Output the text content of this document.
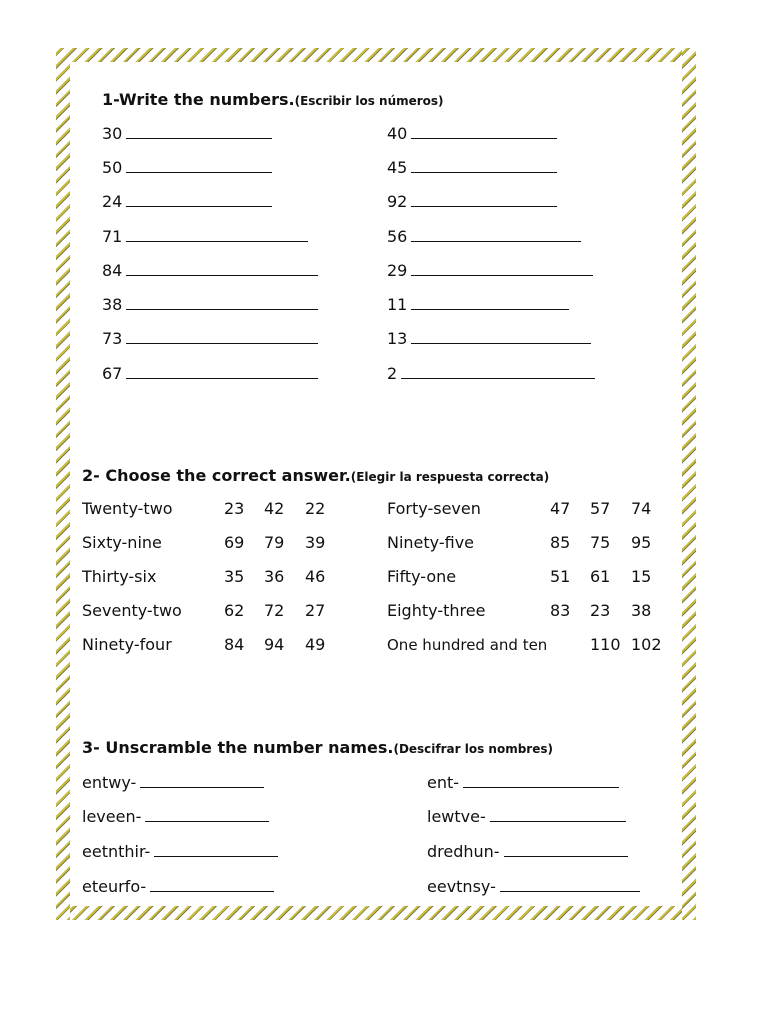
1-Write the numbers.(Escribir los números)
30
50
24
71
84
38
73
67
40
45
92
56
29
11
13
2
2- Choose the correct answer.(Elegir la respuesta correcta)
Twenty-two	23 42 22
Sixty-nine	69 79 39
Thirty-six	35 36 46
Seventy-two	62 72 27
Ninety-four	84 94 49
Forty-seven	47 57 74
Ninety-five	85 75 95
Fifty-one	51 61 15
Eighty-three	83 23 38
One hundred and ten	110 102
3- Unscramble the number names.(Descifrar los nombres)
entwy-
leveen-
eetnthir-
eteurfo-
ent-
lewtve-
dredhun-
eevtnsy-
